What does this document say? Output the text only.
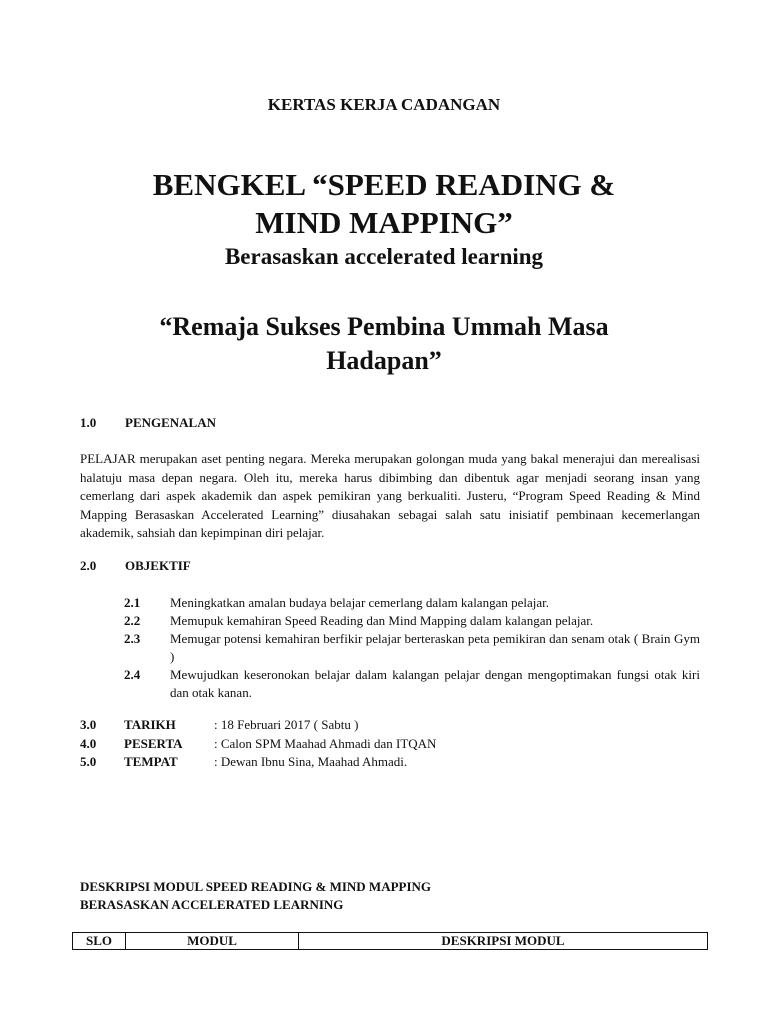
KERTAS KERJA CADANGAN
BENGKEL “SPEED READING &
MIND MAPPING”
Berasaskan accelerated learning
“Remaja Sukses Pembina Ummah Masa
Hadapan”
1.0 PENGENALAN
PELAJAR merupakan aset penting negara. Mereka merupakan golongan muda yang bakal menerajui dan merealisasi halatuju masa depan negara. Oleh itu, mereka harus dibimbing dan dibentuk agar menjadi seorang insan yang cemerlang dari aspek akademik dan aspek pemikiran yang berkualiti. Justeru, “Program Speed Reading & Mind Mapping Berasaskan Accelerated Learning” diusahakan sebagai salah satu inisiatif pembinaan kecemerlangan akademik, sahsiah dan kepimpinan diri pelajar.
2.0 OBJEKTIF
2.1	Meningkatkan amalan budaya belajar cemerlang dalam kalangan pelajar.
2.2	Memupuk kemahiran Speed Reading dan Mind Mapping dalam kalangan pelajar.
2.3	Memugar potensi kemahiran berfikir pelajar berteraskan peta pemikiran dan senam otak ( Brain Gym )
2.4	Mewujudkan keseronokan belajar dalam kalangan pelajar dengan mengoptimakan fungsi otak kiri dan otak kanan.
3.0	TARIKH	: 18 Februari 2017 ( Sabtu )
4.0	PESERTA	: Calon SPM Maahad Ahmadi dan ITQAN
5.0	TEMPAT	: Dewan Ibnu Sina, Maahad Ahmadi.
DESKRIPSI MODUL SPEED READING & MIND MAPPING
BERASASKAN ACCELERATED LEARNING
SLO	MODUL	DESKRIPSI MODUL
